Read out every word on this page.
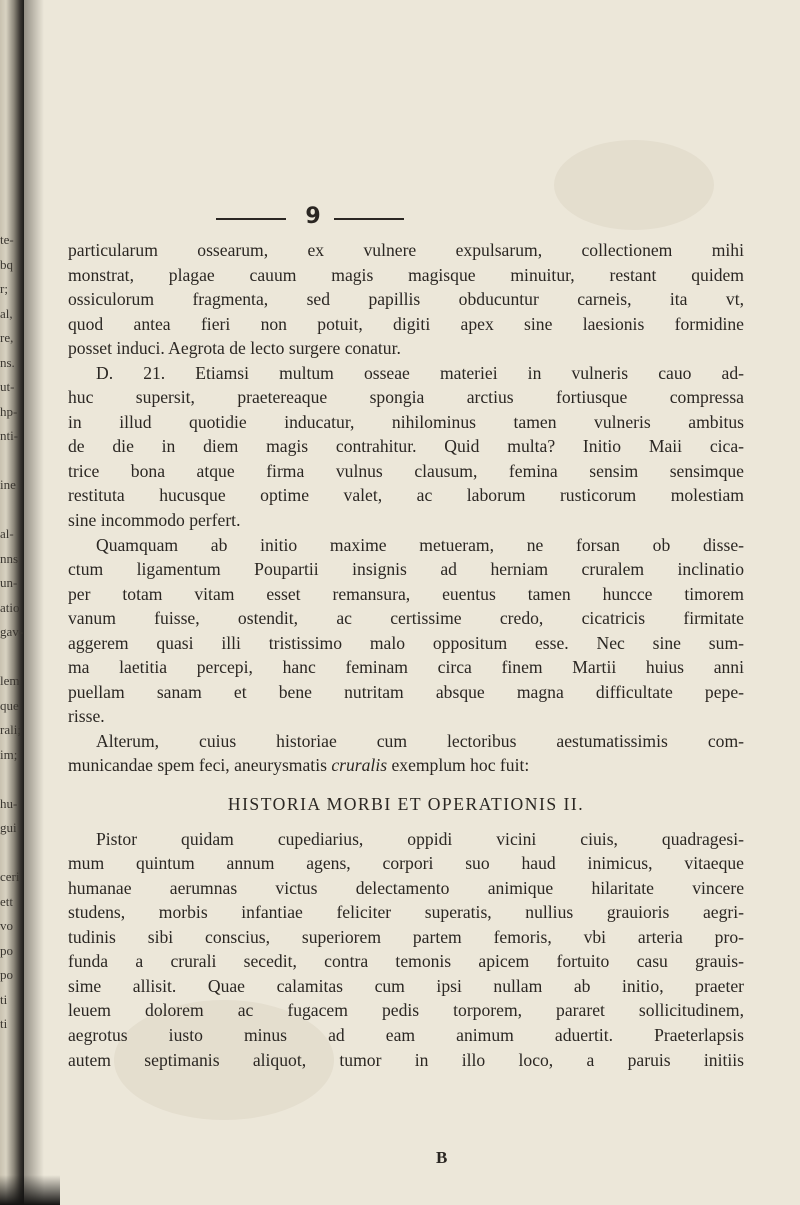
te-
bq
r;
al,
re,
ns.
ut-
hp-
nti-

ine

al-
nns
un-
atio
gav-

lem
que
rali;
im;

hu-
gui

ceri
ett
vo
po
po
ti
ti
9
particularum ossearum, ex vulnere expulsarum, collectionem mihi
monstrat, plagae cauum magis magisque minuitur, restant quidem
ossiculorum fragmenta, sed papillis obducuntur carneis, ita vt,
quod antea fieri non potuit, digiti apex sine laesionis formidine
posset induci. Aegrota de lecto surgere conatur.
D. 21. Etiamsi multum osseae materiei in vulneris cauo ad-
huc supersit, praetereaque spongia arctius fortiusque compressa
in illud quotidie inducatur, nihilominus tamen vulneris ambitus
de die in diem magis contrahitur. Quid multa? Initio Maii cica-
trice bona atque firma vulnus clausum, femina sensim sensimque
restituta hucusque optime valet, ac laborum rusticorum molestiam
sine incommodo perfert.
Quamquam ab initio maxime metueram, ne forsan ob disse-
ctum ligamentum Poupartii insignis ad herniam cruralem inclinatio
per totam vitam esset remansura, euentus tamen huncce timorem
vanum fuisse, ostendit, ac certissime credo, cicatricis firmitate
aggerem quasi illi tristissimo malo oppositum esse. Nec sine sum-
ma laetitia percepi, hanc feminam circa finem Martii huius anni
puellam sanam et bene nutritam absque magna difficultate pepe-
risse.
Alterum, cuius historiae cum lectoribus aestumatissimis com-
municandae spem feci, aneurysmatis cruralis exemplum hoc fuit:
HISTORIA MORBI ET OPERATIONIS II.
Pistor quidam cupediarius, oppidi vicini ciuis, quadragesi-
mum quintum annum agens, corpori suo haud inimicus, vitaeque
humanae aerumnas victus delectamento animique hilaritate vincere
studens, morbis infantiae feliciter superatis, nullius grauioris aegri-
tudinis sibi conscius, superiorem partem femoris, vbi arteria pro-
funda a crurali secedit, contra temonis apicem fortuito casu grauis-
sime allisit. Quae calamitas cum ipsi nullam ab initio, praeter
leuem dolorem ac fugacem pedis torporem, pararet sollicitudinem,
aegrotus iusto minus ad eam animum aduertit. Praeterlapsis
autem septimanis aliquot, tumor in illo loco, a paruis initiis
B
